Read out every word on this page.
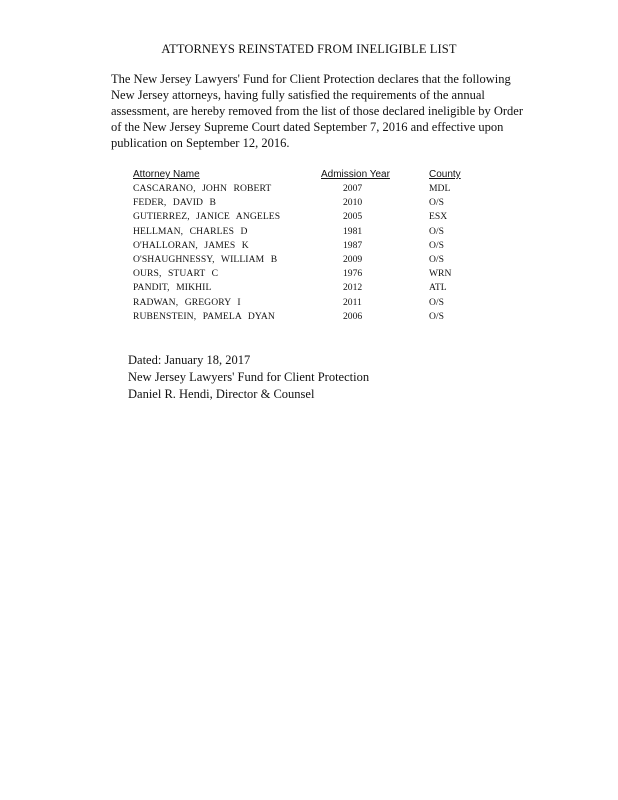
ATTORNEYS REINSTATED FROM INELIGIBLE LIST
The New Jersey Lawyers' Fund for Client Protection declares that the following
New Jersey attorneys, having fully satisfied the requirements of the annual
assessment, are hereby removed from the list of those declared ineligible by Order
of the New Jersey Supreme Court dated September 7, 2016 and effective upon
publication on September 12, 2016.
Attorney Name	Admission Year	County
CASCARANO, JOHN ROBERT	2007	MDL
FEDER, DAVID B	2010	O/S
GUTIERREZ, JANICE ANGELES	2005	ESX
HELLMAN, CHARLES D	1981	O/S
O'HALLORAN, JAMES K	1987	O/S
O'SHAUGHNESSY, WILLIAM B	2009	O/S
OURS, STUART C	1976	WRN
PANDIT, MIKHIL	2012	ATL
RADWAN, GREGORY I	2011	O/S
RUBENSTEIN, PAMELA DYAN	2006	O/S
Dated: January 18, 2017
New Jersey Lawyers' Fund for Client Protection
Daniel R. Hendi, Director & Counsel
